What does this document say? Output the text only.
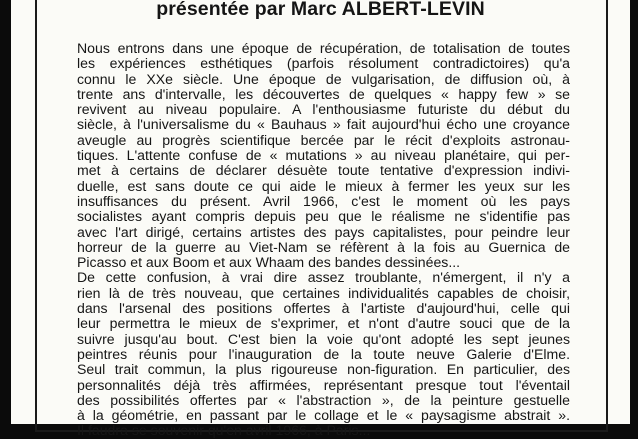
présentée par Marc ALBERT-LEVIN
Nous entrons dans une époque de récupération, de totalisation de toutes
les expériences esthétiques (parfois résolument contradictoires) qu'a
connu le XXe siècle. Une époque de vulgarisation, de diffusion où, à
trente ans d'intervalle, les découvertes de quelques « happy few » se
revivent au niveau populaire. A l'enthousiasme futuriste du début du
siècle, à l'universalisme du « Bauhaus » fait aujourd'hui écho une croyance
aveugle au progrès scientifique bercée par le récit d'exploits astronau-
tiques. L'attente confuse de « mutations » au niveau planétaire, qui per-
met à certains de déclarer désuète toute tentative d'expression indivi-
duelle, est sans doute ce qui aide le mieux à fermer les yeux sur les
insuffisances du présent. Avril 1966, c'est le moment où les pays
socialistes ayant compris depuis peu que le réalisme ne s'identifie pas
avec l'art dirigé, certains artistes des pays capitalistes, pour peindre leur
horreur de la guerre au Viet-Nam se réfèrent à la fois au Guernica de
Picasso et aux Boom et aux Whaam des bandes dessinées...
De cette confusion, à vrai dire assez troublante, n'émergent, il n'y a
rien là de très nouveau, que certaines individualités capables de choisir,
dans l'arsenal des positions offertes à l'artiste d'aujourd'hui, celle qui
leur permettra le mieux de s'exprimer, et n'ont d'autre souci que de la
suivre jusqu'au bout. C'est bien la voie qu'ont adopté les sept jeunes
peintres réunis pour l'inauguration de la toute neuve Galerie d'Elme.
Seul trait commun, la plus rigoureuse non-figuration. En particulier, des
personnalités déjà très affirmées, représentant presque tout l'éventail
des possibilités offertes par « l'abstraction », de la peinture gestuelle
à la géométrie, en passant par le collage et le « paysagisme abstrait ».
Il faudra se souvenir qu'en avril 1966, à Paris...
